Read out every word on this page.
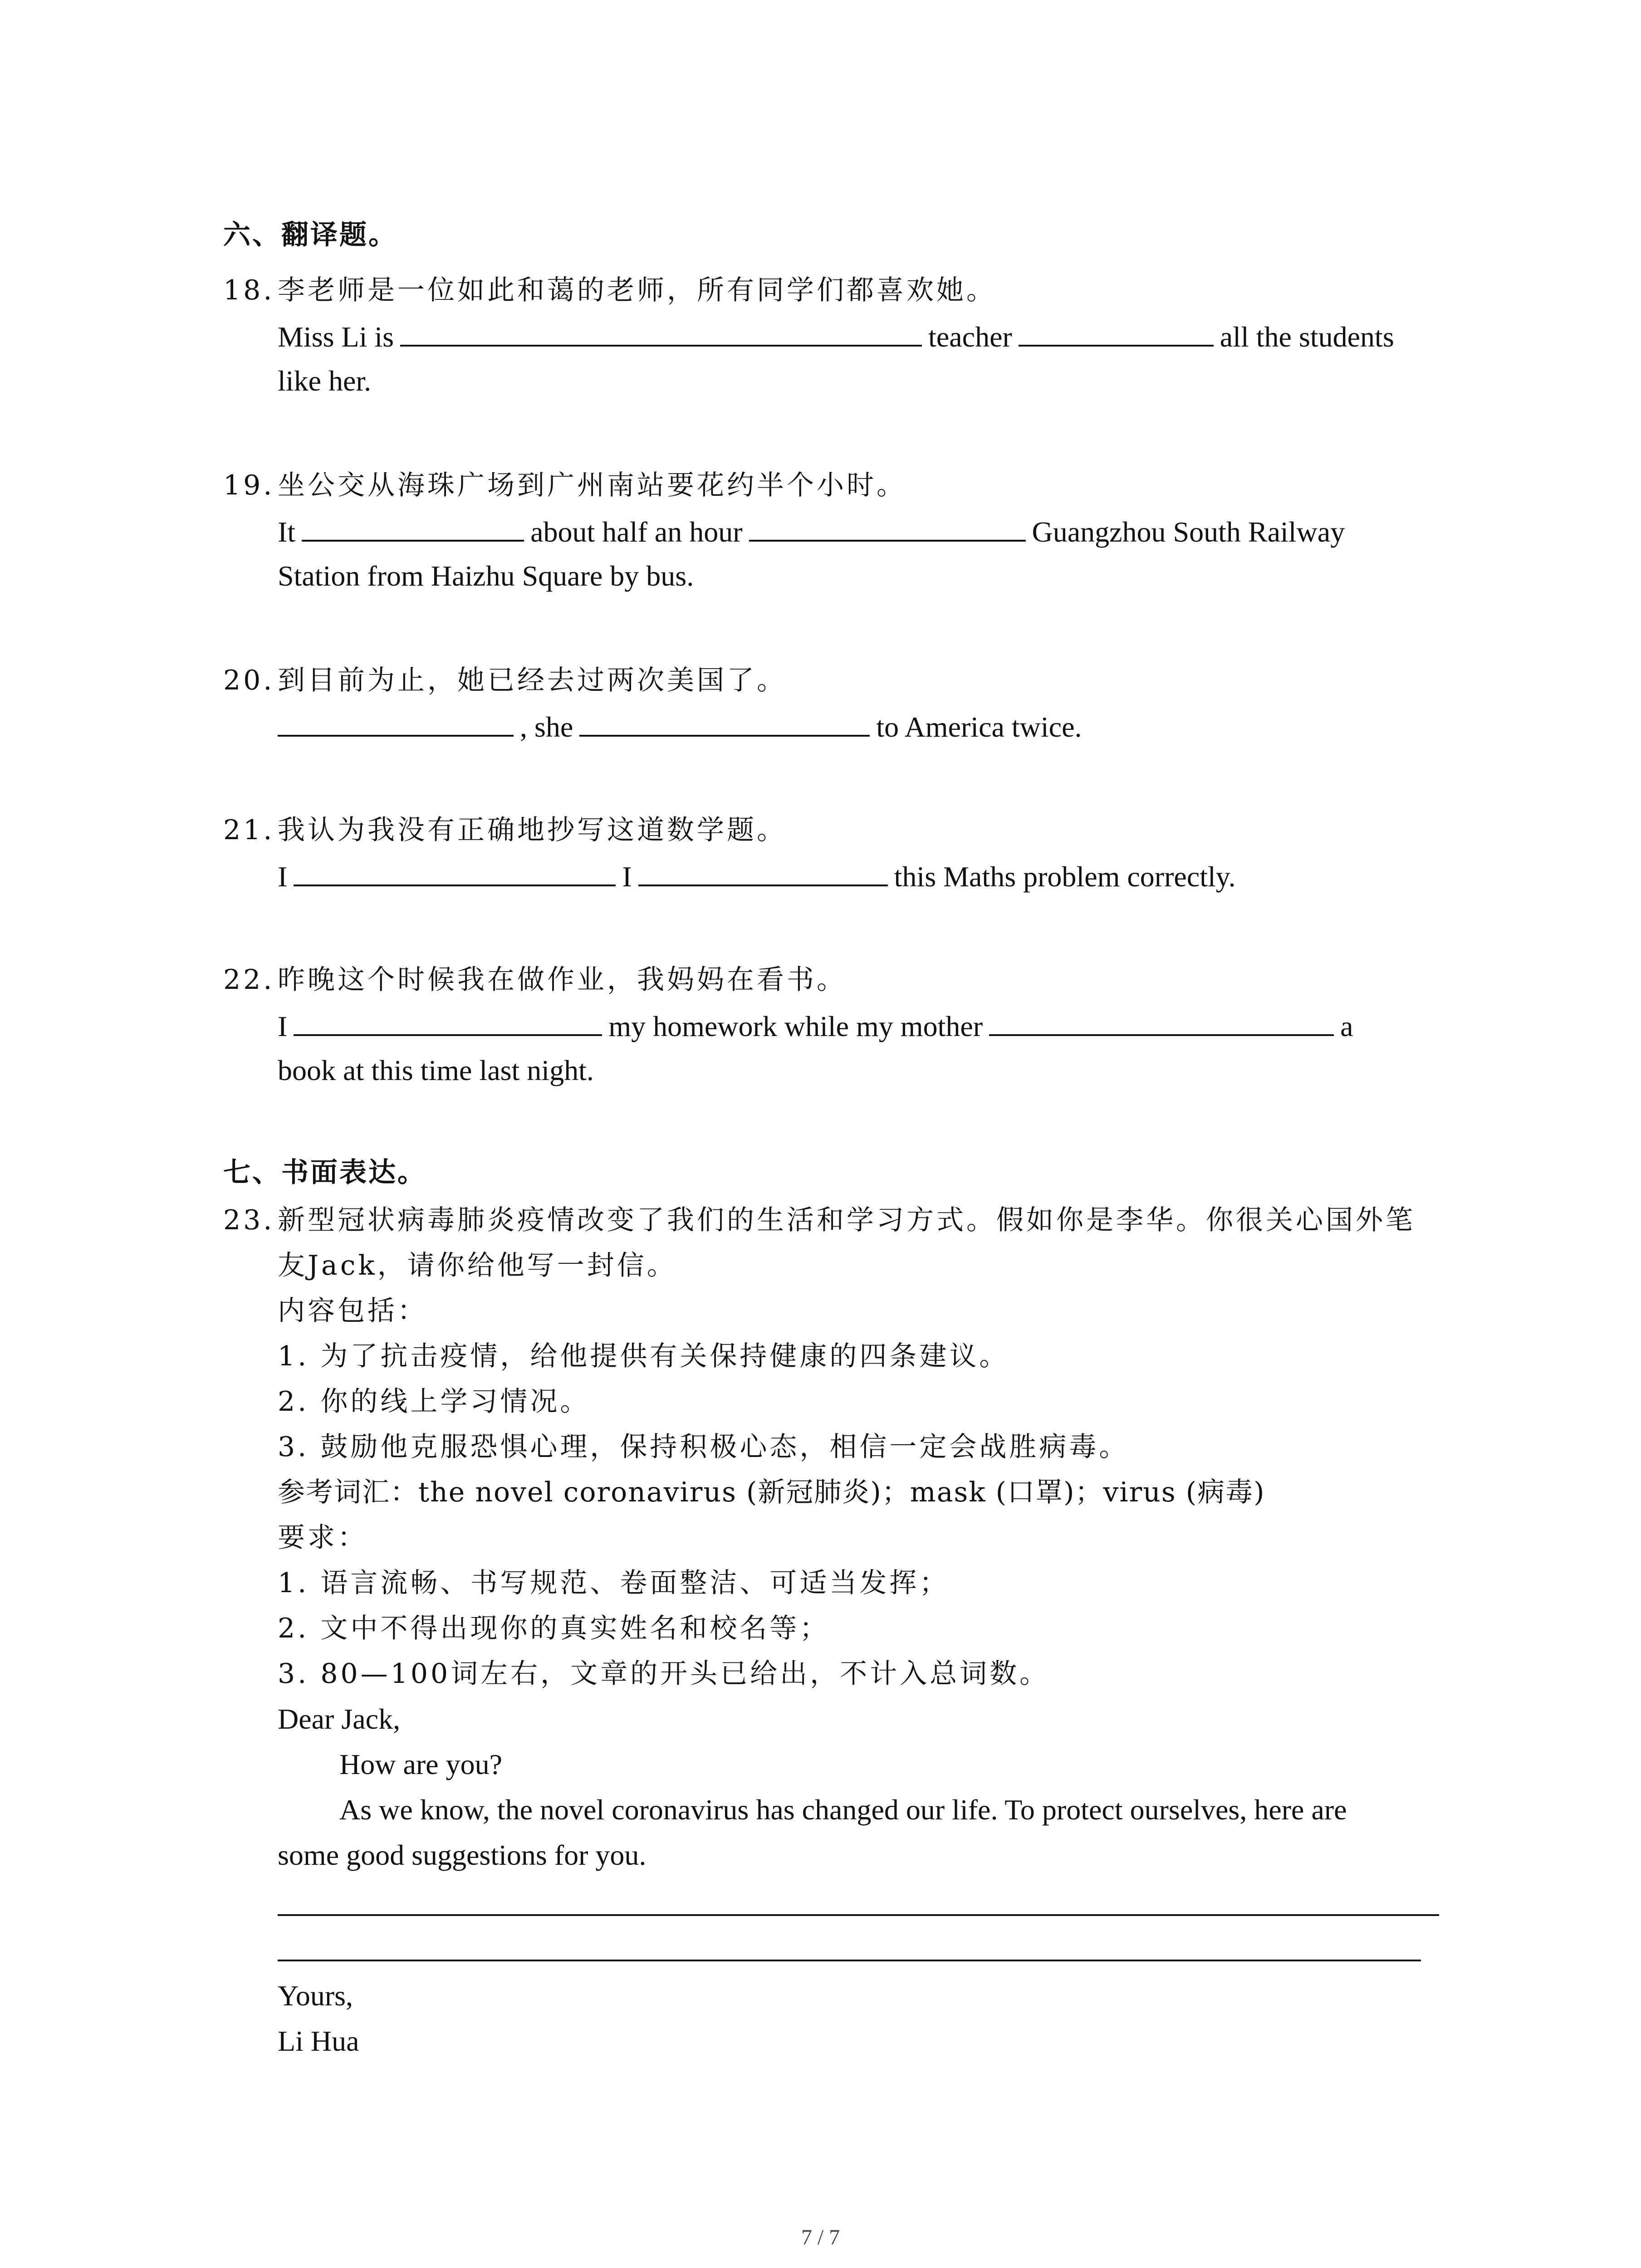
六、翻译题。
18. 李老师是一位如此和蔼的老师，所有同学们都喜欢她。
Miss Li is	teacher	all the students
like her.
19. 坐公交从海珠广场到广州南站要花约半个小时。
It	about half an hour	Guangzhou South Railway
Station from Haizhu Square by bus.
20. 到目前为止，她已经去过两次美国了。
, she	to America twice.
21. 我认为我没有正确地抄写这道数学题。
I	I	this Maths problem correctly.
22. 昨晚这个时候我在做作业，我妈妈在看书。
I	my homework while my mother	a
book at this time last night.
七、书面表达。
23. 新型冠状病毒肺炎疫情改变了我们的生活和学习方式。假如你是李华。你很关心国外笔
友Jack，请你给他写一封信。
内容包括：
1. 为了抗击疫情，给他提供有关保持健康的四条建议。
2. 你的线上学习情况。
3. 鼓励他克服恐惧心理，保持积极心态，相信一定会战胜病毒。
参考词汇：the novel coronavirus (新冠肺炎)；mask (口罩)；virus (病毒)
要求：
1. 语言流畅、书写规范、卷面整洁、可适当发挥；
2. 文中不得出现你的真实姓名和校名等；
3. 80—100词左右，文章的开头已给出，不计入总词数。
Dear Jack,
How are you?
As we know, the novel coronavirus has changed our life. To protect ourselves, here are
some good suggestions for you.
Yours,
Li Hua
7 / 7
